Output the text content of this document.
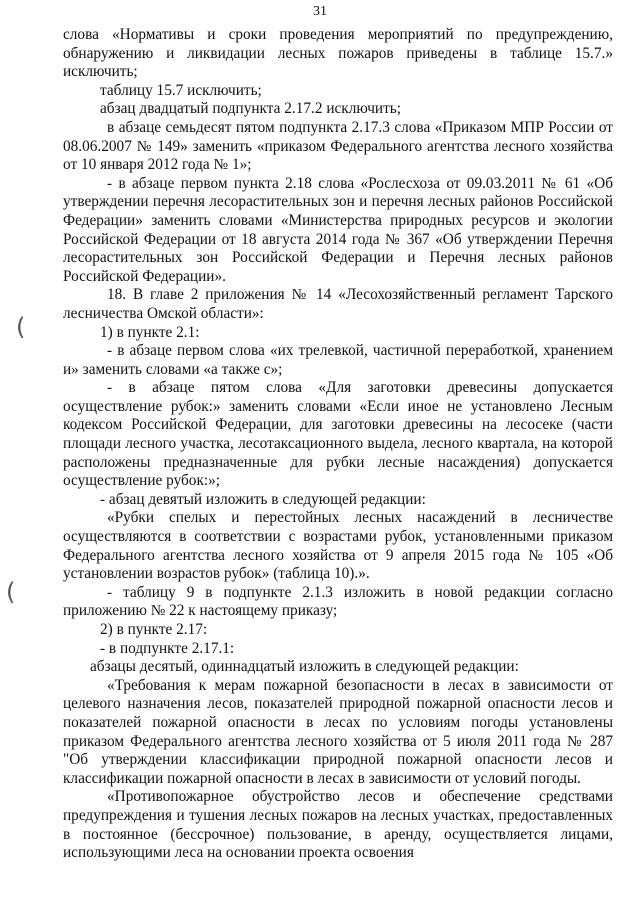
31
(
(

слова «Нормативы и сроки проведения мероприятий по предупреждению, обнаружению и ликвидации лесных пожаров приведены в таблице 15.7.» исключить;

таблицу 15.7 исключить;

абзац двадцатый подпункта 2.17.2 исключить;

в абзаце семьдесят пятом подпункта 2.17.3 слова «Приказом МПР России от 08.06.2007 № 149» заменить «приказом Федерального агентства лесного хозяйства от 10 января 2012 года № 1»;

- в абзаце первом пункта 2.18 слова «Рослесхоза от 09.03.2011 № 61 «Об утверждении перечня лесорастительных зон и перечня лесных районов Российской Федерации» заменить словами «Министерства природных ресурсов и экологии Российской Федерации от 18 августа 2014 года № 367 «Об утверждении Перечня лесорастительных зон Российской Федерации и Перечня лесных районов Российской Федерации».

18. В главе 2 приложения № 14 «Лесохозяйственный регламент Тарского лесничества Омской области»:

1) в пункте 2.1:

- в абзаце первом слова «их трелевкой, частичной переработкой, хранением и» заменить словами «а также с»;

- в абзаце пятом слова «Для заготовки древесины допускается осуществление рубок:» заменить словами «Если иное не установлено Лесным кодексом Российской Федерации, для заготовки древесины на лесосеке (части площади лесного участка, лесотаксационного выдела, лесного квартала, на которой расположены предназначенные для рубки лесные насаждения) допускается осуществление рубок:»;

- абзац девятый изложить в следующей редакции:

«Рубки спелых и перестойных лесных насаждений в лесничестве осуществляются в соответствии с возрастами рубок, установленными приказом Федерального агентства лесного хозяйства от 9 апреля 2015 года № 105 «Об установлении возрастов рубок» (таблица 10).».

- таблицу 9 в подпункте 2.1.3 изложить в новой редакции согласно приложению № 22 к настоящему приказу;

2) в пункте 2.17:

- в подпункте 2.17.1:

абзацы десятый, одиннадцатый изложить в следующей редакции:

«Требования к мерам пожарной безопасности в лесах в зависимости от целевого назначения лесов, показателей природной пожарной опасности лесов и показателей пожарной опасности в лесах по условиям погоды установлены приказом Федерального агентства лесного хозяйства от 5 июля 2011 года № 287 "Об утверждении классификации природной пожарной опасности лесов и классификации пожарной опасности в лесах в зависимости от условий погоды.

«Противопожарное обустройство лесов и обеспечение средствами предупреждения и тушения лесных пожаров на лесных участках, предоставленных в постоянное (бессрочное) пользование, в аренду, осуществляется лицами, использующими леса на основании проекта освоения
